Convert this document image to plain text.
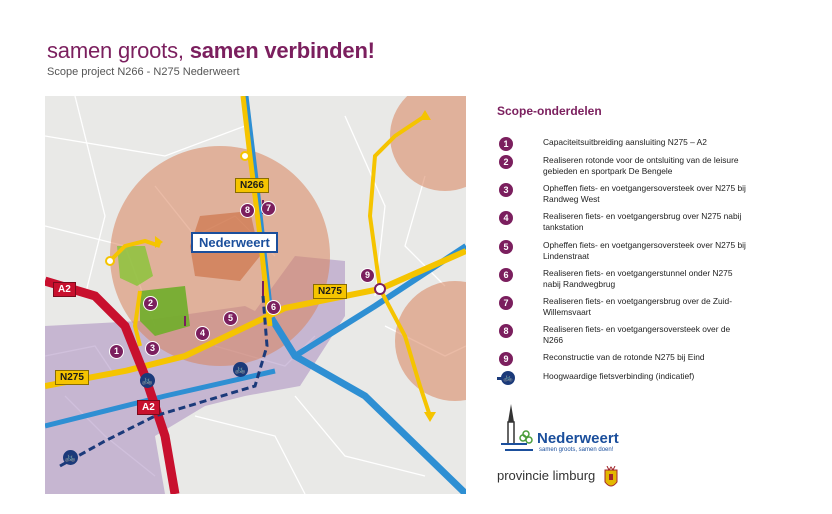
samen groots, samen verbinden!
Scope project N266 - N275 Nederweert
N266
N275
N275
A2
A2
Nederweert
1
2
3
4
5
6
7
8
9
🚲
🚲
🚲
Scope-onderdelen
1	Capaciteitsuitbreiding aansluiting N275 – A2
2	Realiseren rotonde voor de ontsluiting van de leisure gebieden en sportpark De Bengele
3	Opheffen fiets- en voetgangersoversteek over N275 bij Randweg West
4	Realiseren fiets- en voetgangersbrug over N275 nabij tankstation
5	Opheffen fiets- en voetgangersoversteek over N275 bij Lindenstraat
6	Realiseren fiets- en voetgangerstunnel onder N275 nabij Randwegbrug
7	Realiseren fiets- en voetgangersbrug over de Zuid-Willemsvaart
8	Realiseren fiets- en voetgangersoversteek over de N266
9	Reconstructie van de rotonde N275 bij Eind
🚲	Hoogwaardige fietsverbinding (indicatief)
Nederweert
samen groots, samen doen!
provincie limburg
